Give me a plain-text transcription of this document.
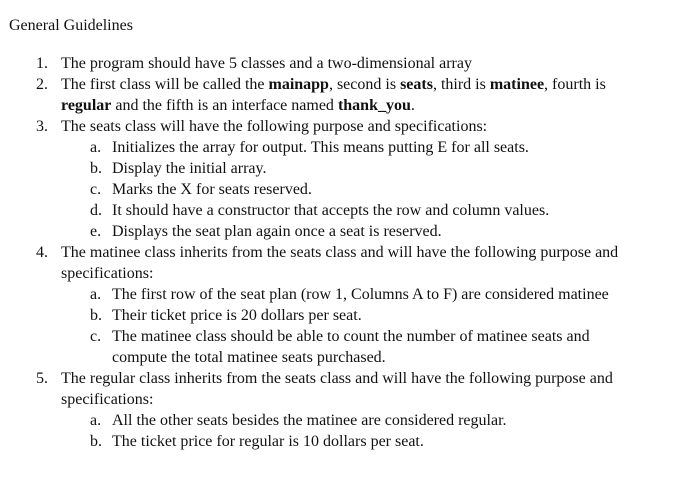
General Guidelines
1. The program should have 5 classes and a two-dimensional array
2. The first class will be called the mainapp, second is seats, third is matinee, fourth is
regular and the fifth is an interface named thank_you.
3. The seats class will have the following purpose and specifications:
a. Initializes the array for output. This means putting E for all seats.
b. Display the initial array.
c. Marks the X for seats reserved.
d. It should have a constructor that accepts the row and column values.
e. Displays the seat plan again once a seat is reserved.
4. The matinee class inherits from the seats class and will have the following purpose and
specifications:
a. The first row of the seat plan (row 1, Columns A to F) are considered matinee
b. Their ticket price is 20 dollars per seat.
c. The matinee class should be able to count the number of matinee seats and
compute the total matinee seats purchased.
5. The regular class inherits from the seats class and will have the following purpose and
specifications:
a. All the other seats besides the matinee are considered regular.
b. The ticket price for regular is 10 dollars per seat.
